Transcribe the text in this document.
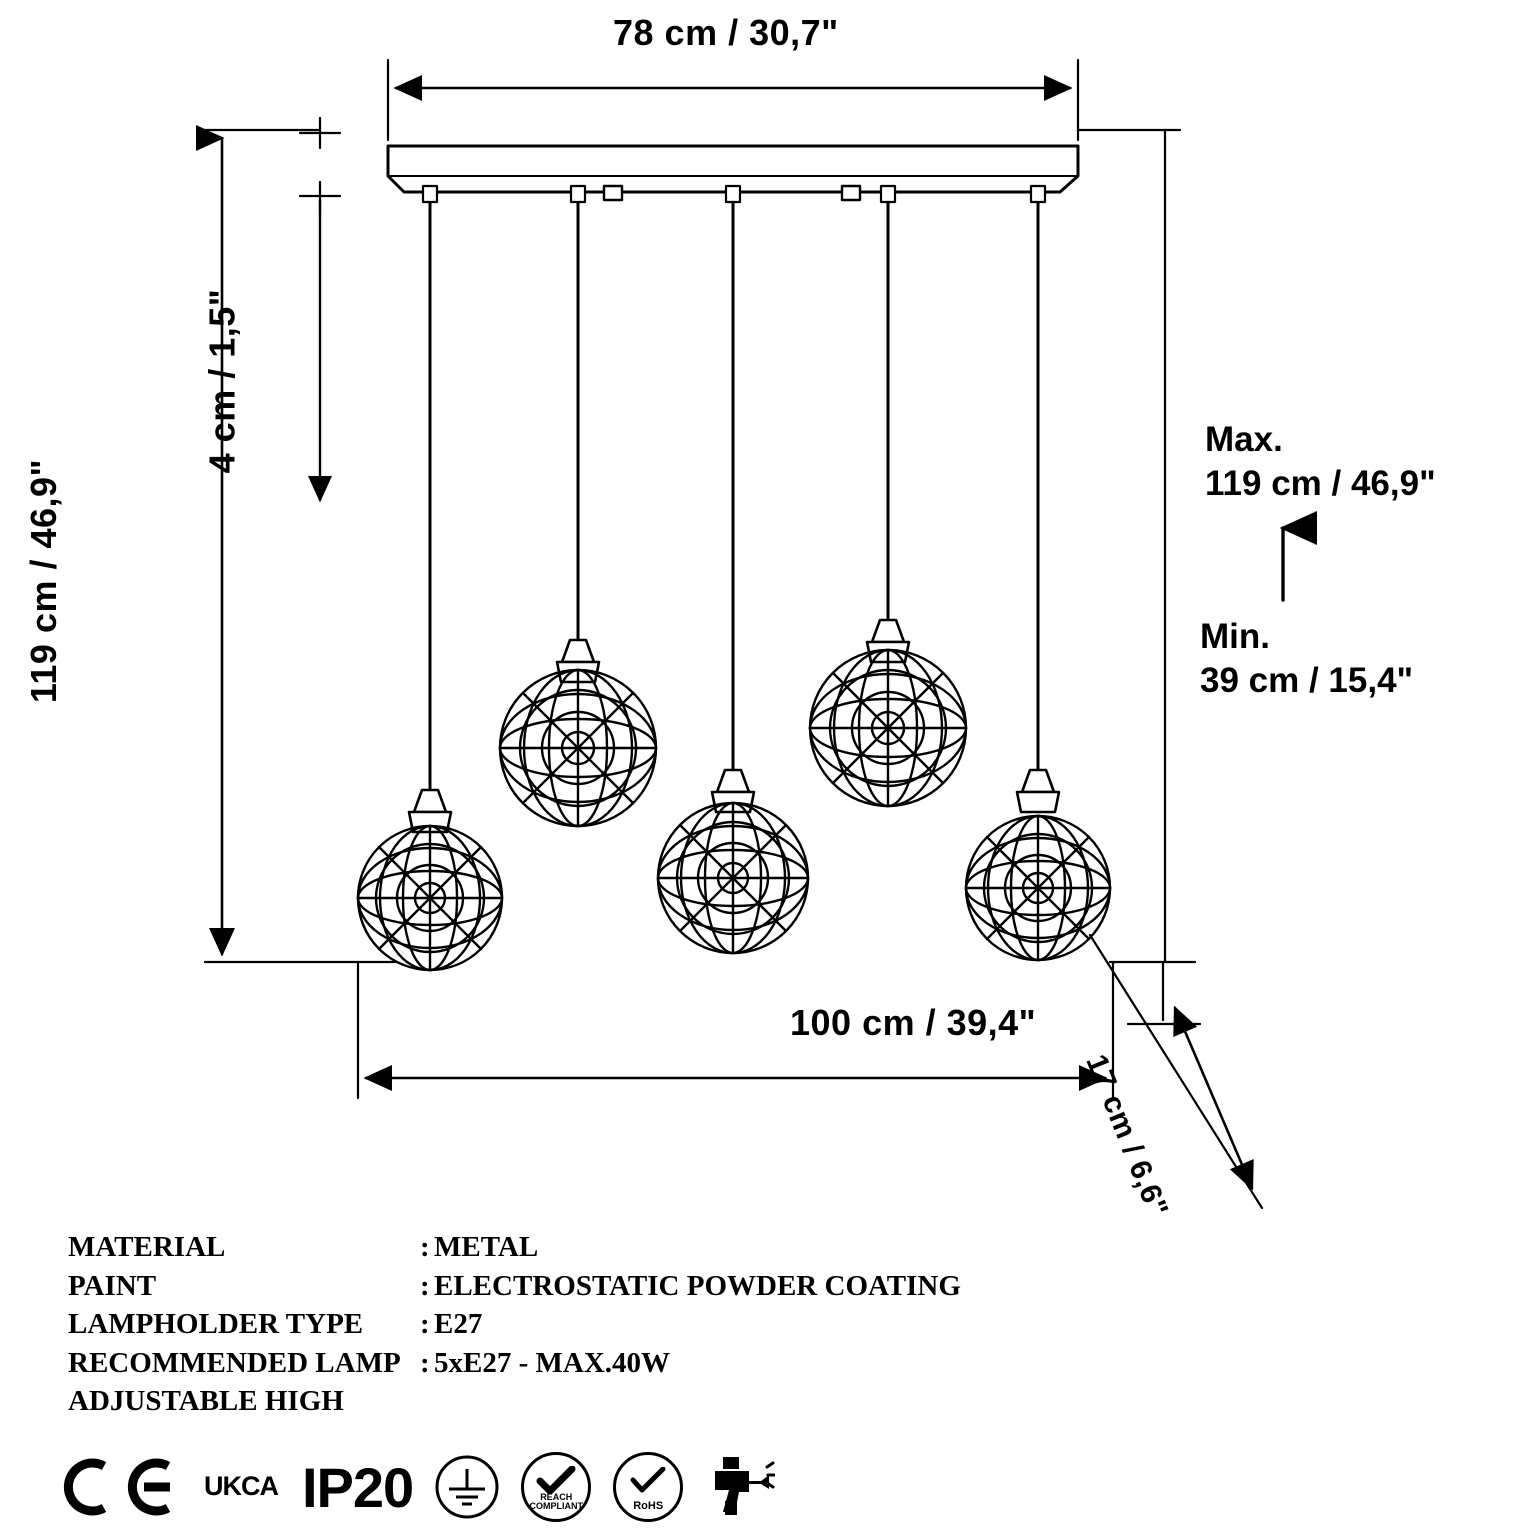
78 cm / 30,7"
100 cm / 39,4"
119 cm / 46,9"
4 cm / 1,5"
17 cm / 6,6"
Max.
119 cm / 46,9"
Min.
39 cm / 15,4"
MATERIAL	: METAL
PAINT	: ELECTROSTATIC POWDER COATING
LAMPHOLDER TYPE	: E27
RECOMMENDED LAMP : 5xE27 - MAX.40W
ADJUSTABLE HIGH
UK CA IP20	REACH
COMPLIANT	RoHS
